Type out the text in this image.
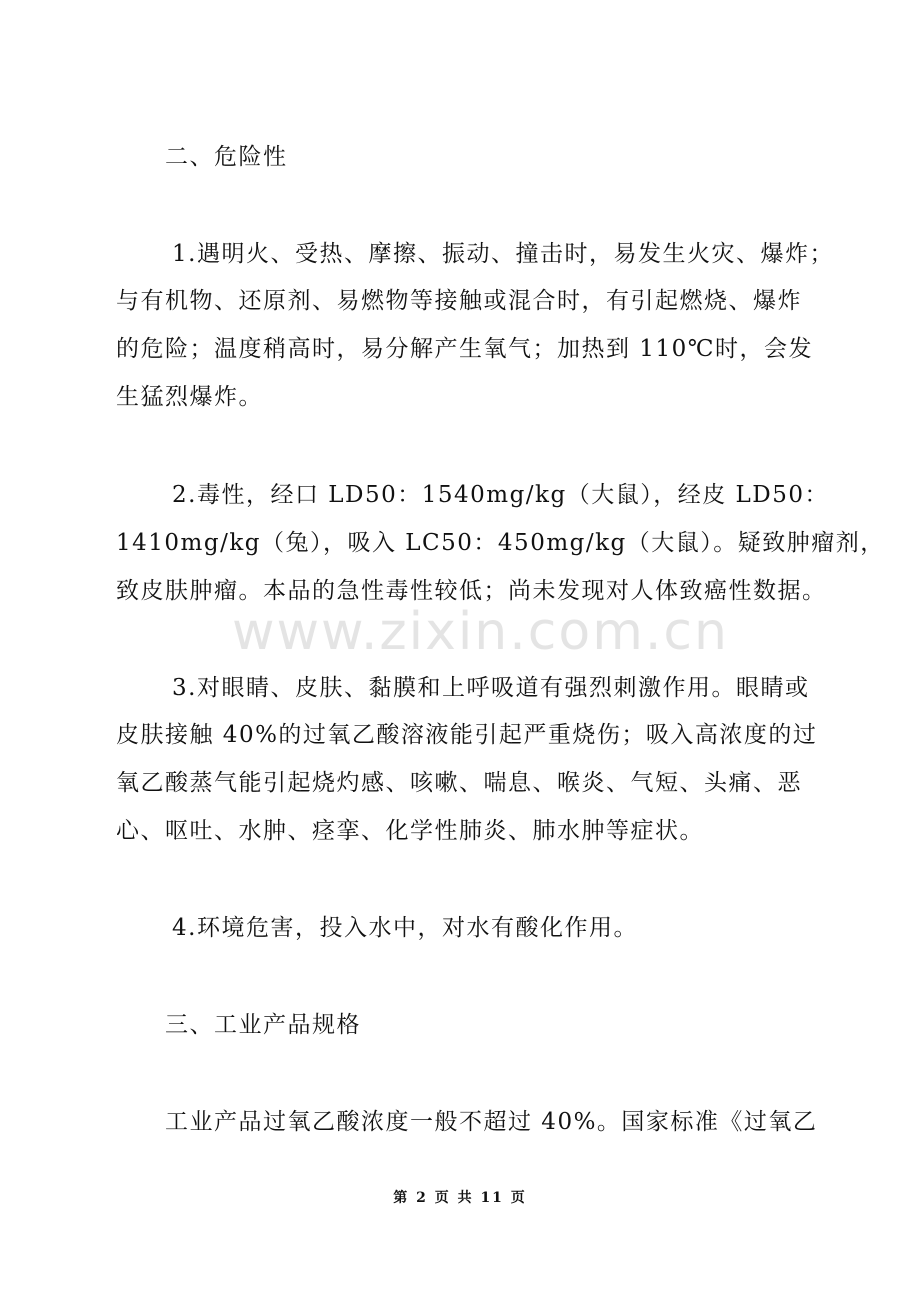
www.zixin.com.cn
二、危险性
1.遇明火、受热、摩擦、振动、撞击时，易发生火灾、爆炸；
与有机物、还原剂、易燃物等接触或混合时，有引起燃烧、爆炸
的危险；温度稍高时，易分解产生氧气；加热到 110℃时，会发
生猛烈爆炸。
2.毒性，经口 LD50：1540mg/kg（大鼠），经皮 LD50：
1410mg/kg（兔），吸入 LC50：450mg/kg（大鼠）。疑致肿瘤剂，
致皮肤肿瘤。本品的急性毒性较低；尚未发现对人体致癌性数据。
3.对眼睛、皮肤、黏膜和上呼吸道有强烈刺激作用。眼睛或
皮肤接触 40%的过氧乙酸溶液能引起严重烧伤；吸入高浓度的过
氧乙酸蒸气能引起烧灼感、咳嗽、喘息、喉炎、气短、头痛、恶
心、呕吐、水肿、痉挛、化学性肺炎、肺水肿等症状。
4.环境危害，投入水中，对水有酸化作用。
三、工业产品规格
工业产品过氧乙酸浓度一般不超过 40%。国家标准《过氧乙
第 2 页 共 11 页
